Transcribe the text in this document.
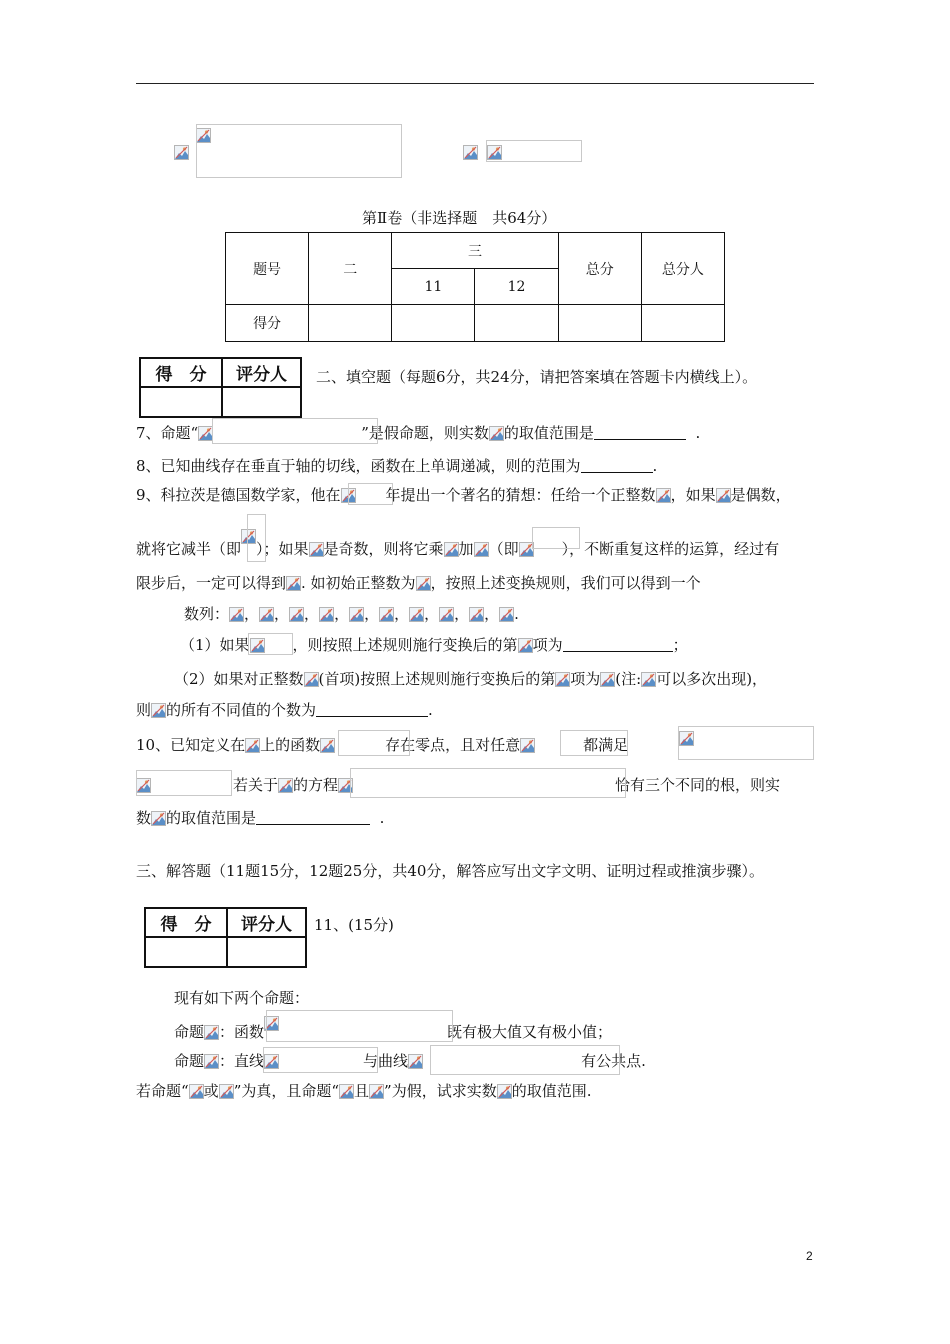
第Ⅱ卷（非选择题　共64分）
题号	二	三		总分	总分人
		11	12		
得分					
得　分	评分人
	二、填空题（每题6分，共24分，请把答案填在答题卡内横线上）。
7、命题“	”是假命题，则实数 的取值范围是	.
8、已知曲线存在垂直于轴的切线，函数在上单调递减，则的范围为	.
9、科拉茨是德国数学家，他在	年提出一个著名的猜想：任给一个正整数 ，如果 是偶数，
就将它减半（即 ）；如果 是奇数，则将它乘 加 （即	），不断重复这样的运算，经过有
限步后，一定可以得到 . 如初始正整数为 ，按照上述变换规则，我们可以得到一个
数列： ， ， ， ， ， ， ， ， ， .
（1）如果	，则按照上述规则施行变换后的第 项为	；
（2）如果对正整数 (首项)按照上述规则施行变换后的第 项为 (注: 可以多次出现)，
则 的所有不同值的个数为	.
10、已知定义在 上的函数	存在零点，且对任意	都满足
若关于 的方程	恰有三个不同的根，则实
数 的取值范围是	.
三、解答题（11题15分，12题25分，共40分，解答应写出文字文明、证明过程或推演步骤）。
得　分	评分人
	11、(15分)
现有如下两个命题：
命题 ：函数	既有极大值又有极小值；
命题 ：直线	与曲线	有公共点.
若命题“ 或 ”为真，且命题“ 且 ”为假，试求实数 的取值范围.
2
